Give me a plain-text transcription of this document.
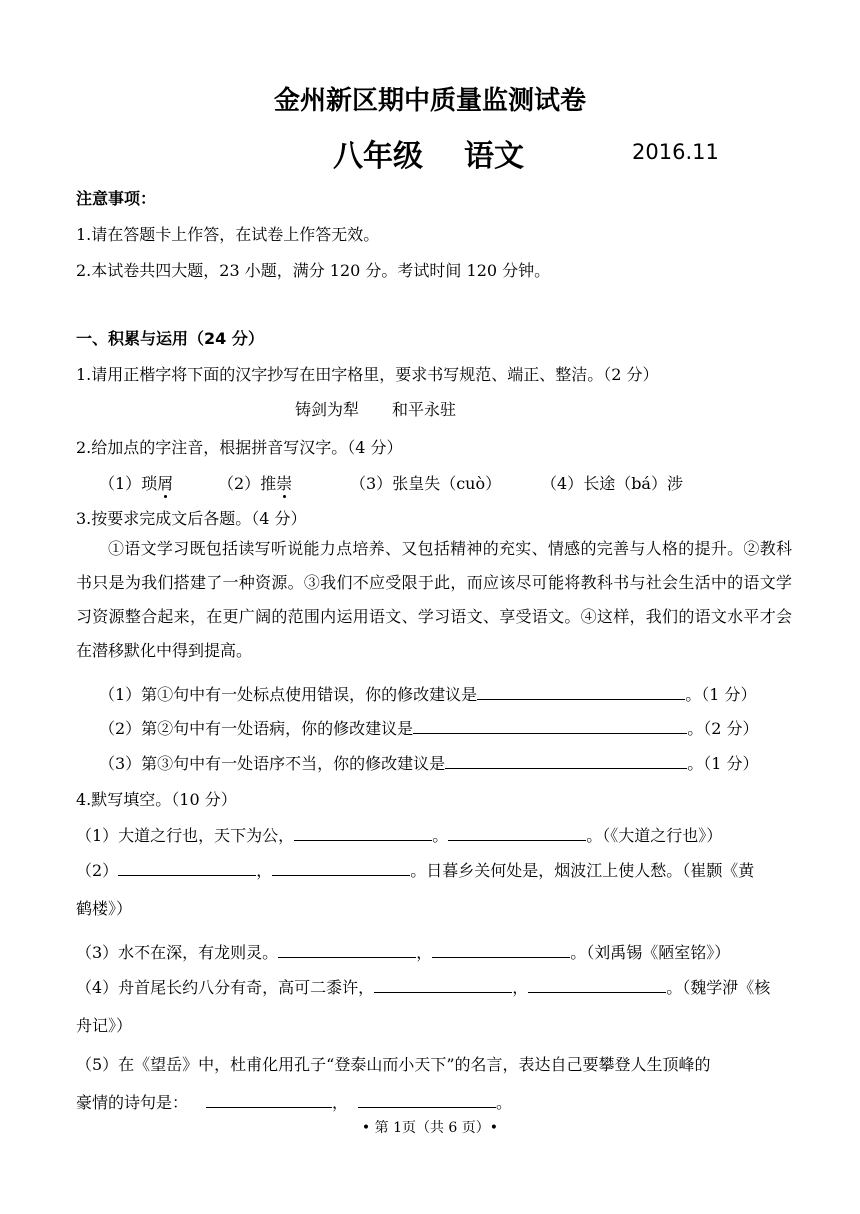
金州新区期中质量监测试卷
八年级 语文	2016.11
注意事项：
1.请在答题卡上作答，在试卷上作答无效。
2.本试卷共四大题，23 小题，满分 120 分。考试时间 120 分钟。
一、积累与运用（24 分）
1.请用正楷字将下面的汉字抄写在田字格里，要求书写规范、端正、整洁。（2 分）
铸剑为犁 和平永驻
2.给加点的字注音，根据拼音写汉字。（4 分）
（1）琐屑	（2）推崇	（3）张皇失（cuò） （4）长途（bá）涉
3.按要求完成文后各题。（4 分）
①语文学习既包括读写听说能力点培养、又包括精神的充实、情感的完善与人格的提升。②教科书只是为我们搭建了一种资源。③我们不应受限于此，而应该尽可能将教科书与社会生活中的语文学习资源整合起来，在更广阔的范围内运用语文、学习语文、享受语文。④这样，我们的语文水平才会在潜移默化中得到提高。
（1）第①句中有一处标点使用错误，你的修改建议是	。（1 分）
（2）第②句中有一处语病，你的修改建议是	。（2 分）
（3）第③句中有一处语序不当，你的修改建议是	。（1 分）
4.默写填空。（10 分）
（1）大道之行也，天下为公，	。	。（《大道之行也》）
（2）	，	。日暮乡关何处是，烟波江上使人愁。（崔颢《黄
鹤楼》）
（3）水不在深，有龙则灵。	，	。（刘禹锡《陋室铭》）
（4）舟首尾长约八分有奇，高可二黍许，	，	。（魏学洢《核
舟记》）
（5）在《望岳》中，杜甫化用孔子“登泰山而小天下”的名言，表达自己要攀登人生顶峰的
豪情的诗句是：	，	。
• 第 1页（共 6 页）•
